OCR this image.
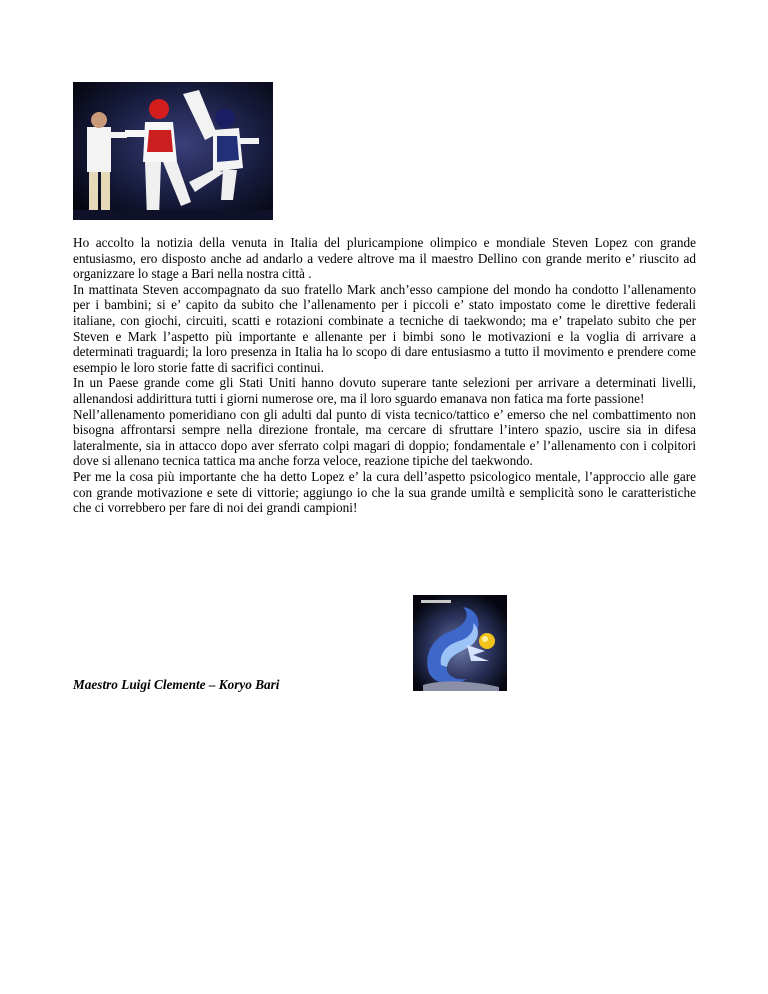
Ho accolto la notizia della venuta in Italia del pluricampione olimpico e mondiale Steven Lopez con grande entusiasmo, ero disposto anche ad andarlo a vedere altrove ma il maestro Dellino con grande merito e’ riuscito ad organizzare lo stage a Bari nella nostra città .

In mattinata Steven accompagnato da suo fratello Mark anch’esso campione del mondo ha condotto l’allenamento per i bambini; si e’ capito da subito che l’allenamento per i piccoli e’ stato impostato come le direttive federali italiane, con giochi, circuiti, scatti e rotazioni combinate a tecniche di taekwondo; ma e’ trapelato subito che per Steven e Mark l’aspetto più importante e allenante per i bimbi sono le motivazioni e la voglia di arrivare a determinati traguardi; la loro presenza in Italia ha lo scopo di dare entusiasmo a tutto il movimento e prendere come esempio le loro storie fatte di sacrifici continui.

In un Paese grande come gli Stati Uniti hanno dovuto superare tante selezioni per arrivare a determinati livelli, allenandosi addirittura tutti i giorni numerose ore, ma il loro sguardo emanava non fatica ma forte passione!

Nell’allenamento pomeridiano con gli adulti dal punto di vista tecnico/tattico e’ emerso che nel combattimento non bisogna affrontarsi sempre nella direzione frontale, ma cercare di sfruttare l’intero spazio, uscire sia in difesa lateralmente, sia in attacco dopo aver sferrato colpi magari di doppio; fondamentale e’ l’allenamento con i colpitori dove si allenano tecnica tattica ma anche forza veloce, reazione tipiche del taekwondo.

Per me la cosa più importante che ha detto Lopez e’ la cura dell’aspetto psicologico mentale, l’approccio alle gare con grande motivazione e sete di vittorie; aggiungo io che la sua grande umiltà e semplicità sono le caratteristiche che ci vorrebbero per fare di noi dei grandi campioni!

Maestro Luigi Clemente – Koryo Bari
